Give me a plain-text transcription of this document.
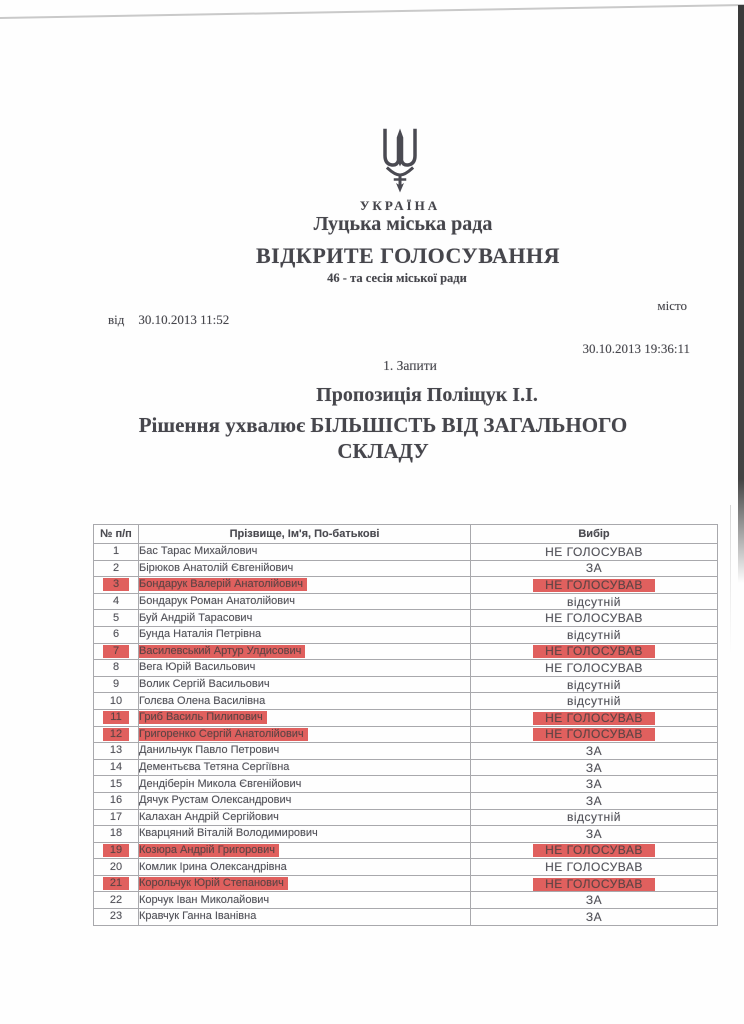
УКРАЇНА
Луцька міська рада
ВІДКРИТЕ ГОЛОСУВАННЯ
46 - та сесія міської ради
місто
від 30.10.2013 11:52
30.10.2013 19:36:11
1. Запити
Пропозиція Поліщук І.І.
Рішення ухвалює БІЛЬШІСТЬ ВІД ЗАГАЛЬНОГО
СКЛАДУ
№ п/п	Прізвище, Ім'я, По-батькові	Вибір
1	Бас Тарас Михайлович	НЕ ГОЛОСУВАВ
2	Бірюков Анатолій Євгенійович	ЗА
3	Бондарук Валерій Анатолійович	НЕ ГОЛОСУВАВ
4	Бондарук Роман Анатолійович	відсутній
5	Буй Андрій Тарасович	НЕ ГОЛОСУВАВ
6	Бунда Наталія Петрівна	відсутній
7	Василевський Артур Улдисович	НЕ ГОЛОСУВАВ
8	Вега Юрій Васильович	НЕ ГОЛОСУВАВ
9	Волик Сергій Васильович	відсутній
10	Голєва Олена Василівна	відсутній
11	Гриб Василь Пилипович	НЕ ГОЛОСУВАВ
12	Григоренко Сергій Анатолійович	НЕ ГОЛОСУВАВ
13	Данильчук Павло Петрович	ЗА
14	Дементьєва Тетяна Сергіївна	ЗА
15	Дендіберін Микола Євгенійович	ЗА
16	Дячук Рустам Олександрович	ЗА
17	Калахан Андрій Сергійович	відсутній
18	Кварцяний Віталій Володимирович	ЗА
19	Козюра Андрій Григорович	НЕ ГОЛОСУВАВ
20	Комлик Ірина Олександрівна	НЕ ГОЛОСУВАВ
21	Корольчук Юрій Степанович	НЕ ГОЛОСУВАВ
22	Корчук Іван Миколайович	ЗА
23	Кравчук Ганна Іванівна	ЗА
